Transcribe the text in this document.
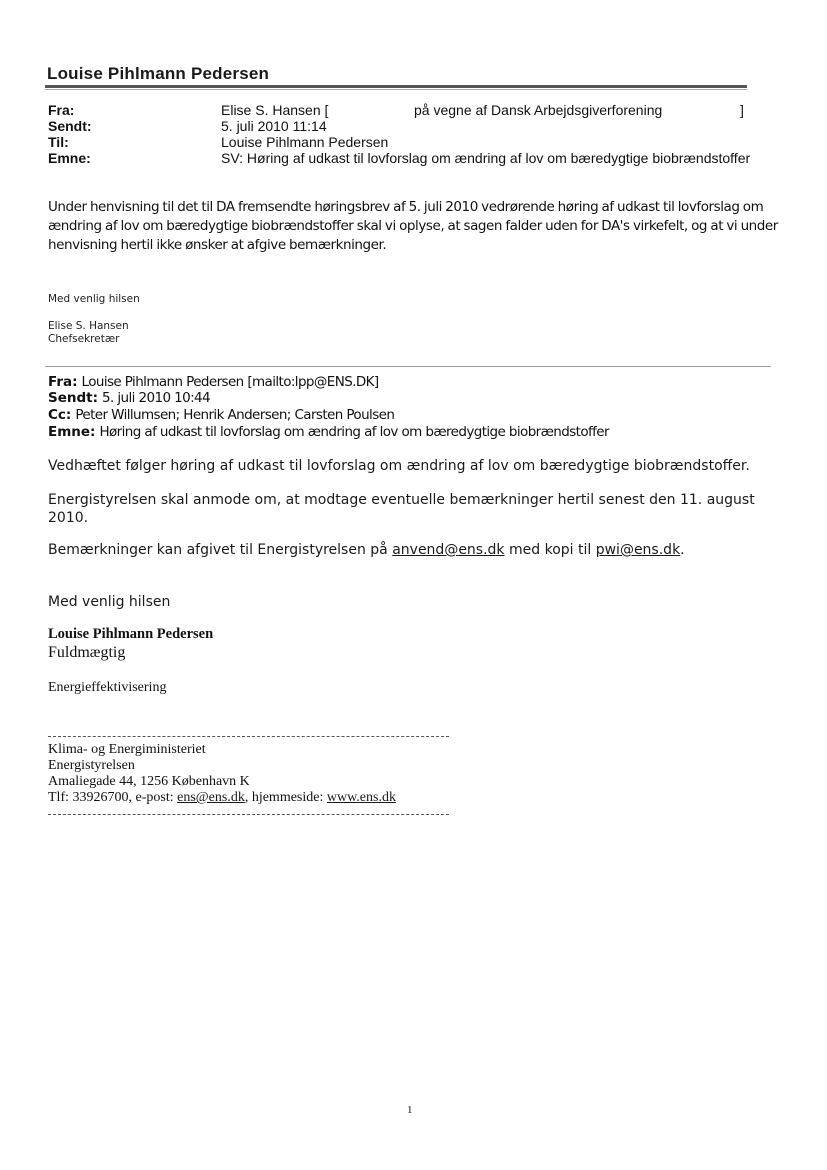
Louise Pihlmann Pedersen
Fra:	Elise S. Hansen [	på vegne af Dansk Arbejdsgiverforening	]
Sendt:	5. juli 2010 11:14
Til:	Louise Pihlmann Pedersen
Emne:	SV: Høring af udkast til lovforslag om ændring af lov om bæredygtige biobrændstoffer
Under henvisning til det til DA fremsendte høringsbrev af 5. juli 2010 vedrørende høring af udkast til lovforslag om ændring af lov om bæredygtige biobrændstoffer skal vi oplyse, at sagen falder uden for DA's virkefelt, og at vi under henvisning hertil ikke ønsker at afgive bemærkninger.
Med venlig hilsen
Elise S. Hansen
Chefsekretær
Fra: Louise Pihlmann Pedersen [mailto:lpp@ENS.DK]
Sendt: 5. juli 2010 10:44
Cc: Peter Willumsen; Henrik Andersen; Carsten Poulsen
Emne: Høring af udkast til lovforslag om ændring af lov om bæredygtige biobrændstoffer
Vedhæftet følger høring af udkast til lovforslag om ændring af lov om bæredygtige biobrændstoffer.
Energistyrelsen skal anmode om, at modtage eventuelle bemærkninger hertil senest den 11. august
2010.
Bemærkninger kan afgivet til Energistyrelsen på anvend@ens.dk med kopi til pwi@ens.dk.
Med venlig hilsen
Louise Pihlmann Pedersen
Fuldmægtig
Energieffektivisering
Klima- og Energiministeriet
Energistyrelsen
Amaliegade 44, 1256 København K
Tlf: 33926700, e-post: ens@ens.dk, hjemmeside: www.ens.dk
1
